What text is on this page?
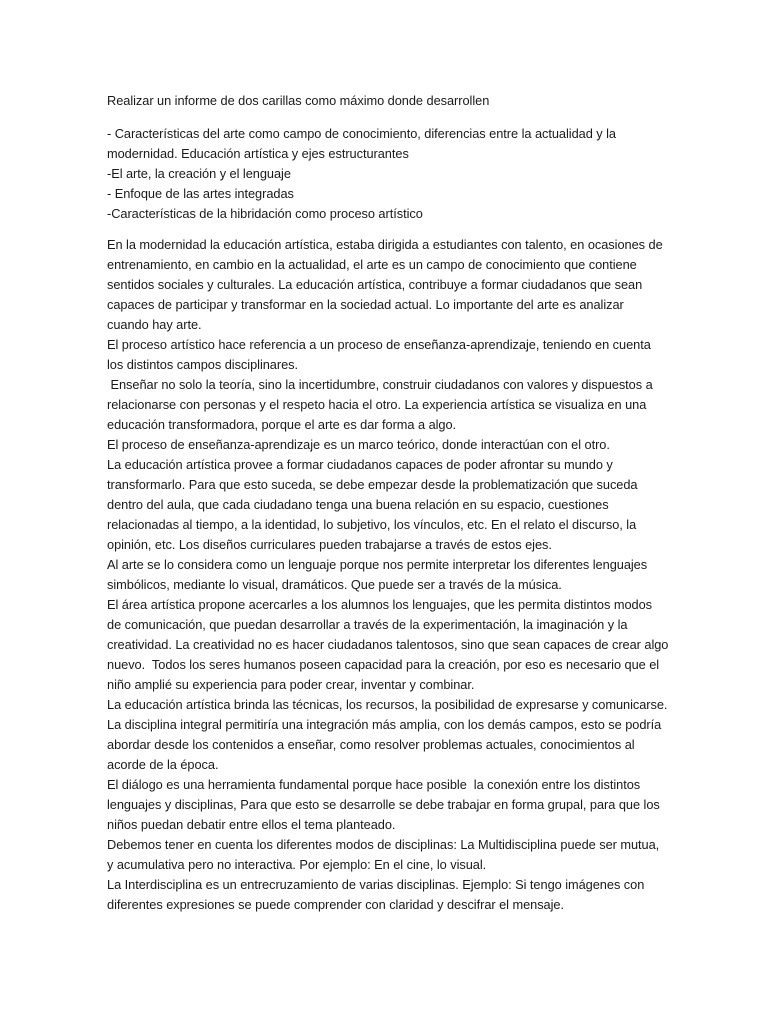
Realizar un informe de dos carillas como máximo donde desarrollen
- Características del arte como campo de conocimiento, diferencias entre la actualidad y la
modernidad. Educación artística y ejes estructurantes
-El arte, la creación y el lenguaje
- Enfoque de las artes integradas
-Características de la hibridación como proceso artístico
En la modernidad la educación artística, estaba dirigida a estudiantes con talento, en ocasiones de
entrenamiento, en cambio en la actualidad, el arte es un campo de conocimiento que contiene
sentidos sociales y culturales. La educación artística, contribuye a formar ciudadanos que sean
capaces de participar y transformar en la sociedad actual. Lo importante del arte es analizar
cuando hay arte.
El proceso artístico hace referencia a un proceso de enseñanza-aprendizaje, teniendo en cuenta
los distintos campos disciplinares.
Enseñar no solo la teoría, sino la incertidumbre, construir ciudadanos con valores y dispuestos a
relacionarse con personas y el respeto hacia el otro. La experiencia artística se visualiza en una
educación transformadora, porque el arte es dar forma a algo.
El proceso de enseñanza-aprendizaje es un marco teórico, donde interactúan con el otro.
La educación artística provee a formar ciudadanos capaces de poder afrontar su mundo y
transformarlo. Para que esto suceda, se debe empezar desde la problematización que suceda
dentro del aula, que cada ciudadano tenga una buena relación en su espacio, cuestiones
relacionadas al tiempo, a la identidad, lo subjetivo, los vínculos, etc. En el relato el discurso, la
opinión, etc. Los diseños curriculares pueden trabajarse a través de estos ejes.
Al arte se lo considera como un lenguaje porque nos permite interpretar los diferentes lenguajes
simbólicos, mediante lo visual, dramáticos. Que puede ser a través de la música.
El área artística propone acercarles a los alumnos los lenguajes, que les permita distintos modos
de comunicación, que puedan desarrollar a través de la experimentación, la imaginación y la
creatividad. La creatividad no es hacer ciudadanos talentosos, sino que sean capaces de crear algo
nuevo.  Todos los seres humanos poseen capacidad para la creación, por eso es necesario que el
niño amplié su experiencia para poder crear, inventar y combinar.
La educación artística brinda las técnicas, los recursos, la posibilidad de expresarse y comunicarse.
La disciplina integral permitiría una integración más amplia, con los demás campos, esto se podría
abordar desde los contenidos a enseñar, como resolver problemas actuales, conocimientos al
acorde de la época.
El diálogo es una herramienta fundamental porque hace posible  la conexión entre los distintos
lenguajes y disciplinas, Para que esto se desarrolle se debe trabajar en forma grupal, para que los
niños puedan debatir entre ellos el tema planteado.
Debemos tener en cuenta los diferentes modos de disciplinas: La Multidisciplina puede ser mutua,
y acumulativa pero no interactiva. Por ejemplo: En el cine, lo visual.
La Interdisciplina es un entrecruzamiento de varias disciplinas. Ejemplo: Si tengo imágenes con
diferentes expresiones se puede comprender con claridad y descifrar el mensaje.
